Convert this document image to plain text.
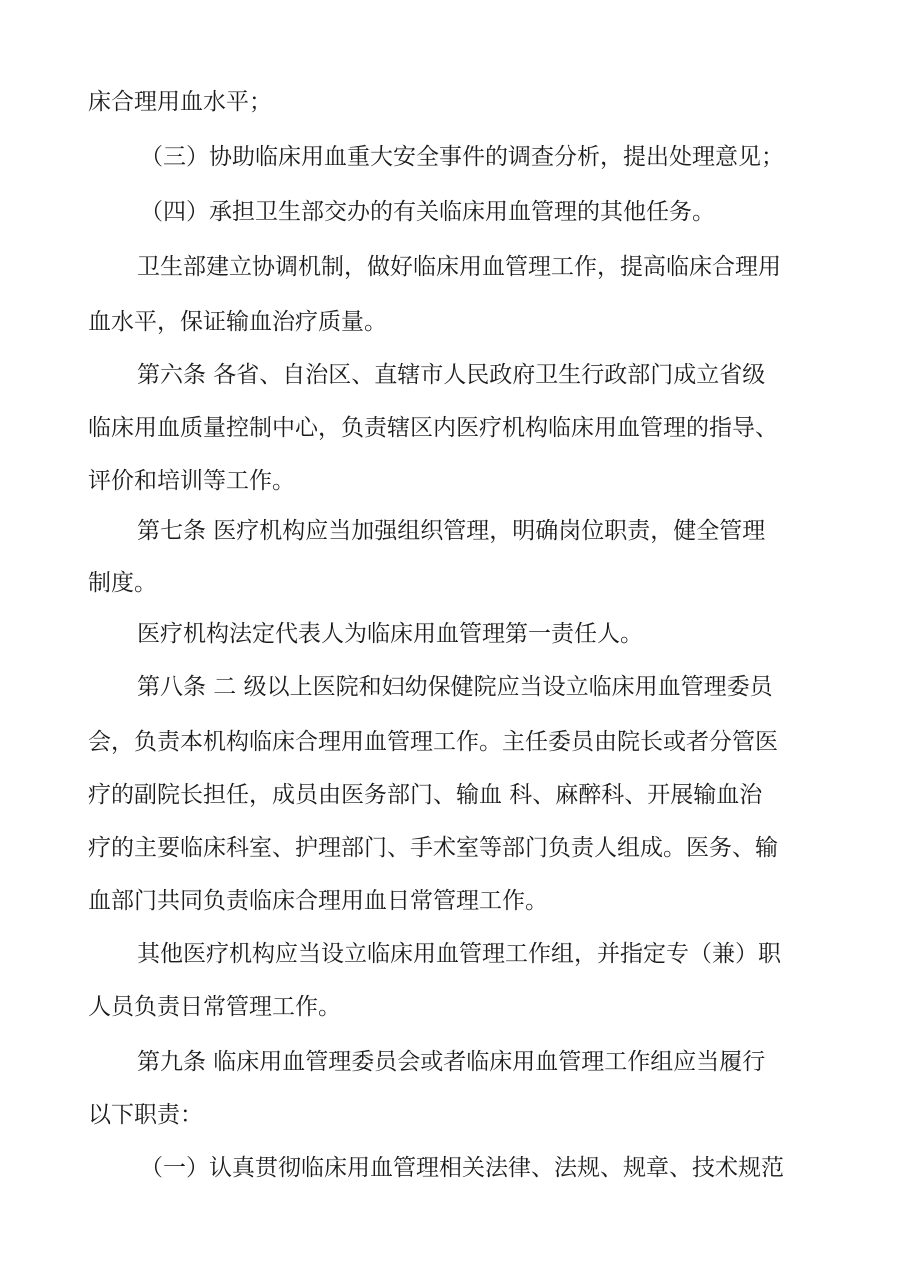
床合理用血水平；
（三）协助临床用血重大安全事件的调查分析，提出处理意见；
（四）承担卫生部交办的有关临床用血管理的其他任务。
卫生部建立协调机制，做好临床用血管理工作，提高临床合理用
血水平，保证输血治疗质量。
第六条 各省、自治区、直辖市人民政府卫生行政部门成立省级
临床用血质量控制中心，负责辖区内医疗机构临床用血管理的指导、
评价和培训等工作。
第七条 医疗机构应当加强组织管理，明确岗位职责，健全管理
制度。
医疗机构法定代表人为临床用血管理第一责任人。
第八条 二 级以上医院和妇幼保健院应当设立临床用血管理委员
会，负责本机构临床合理用血管理工作。主任委员由院长或者分管医
疗的副院长担任，成员由医务部门、输血 科、麻醉科、开展输血治
疗的主要临床科室、护理部门、手术室等部门负责人组成。医务、输
血部门共同负责临床合理用血日常管理工作。
其他医疗机构应当设立临床用血管理工作组，并指定专（兼）职
人员负责日常管理工作。
第九条 临床用血管理委员会或者临床用血管理工作组应当履行
以下职责：
（一）认真贯彻临床用血管理相关法律、法规、规章、技术规范
